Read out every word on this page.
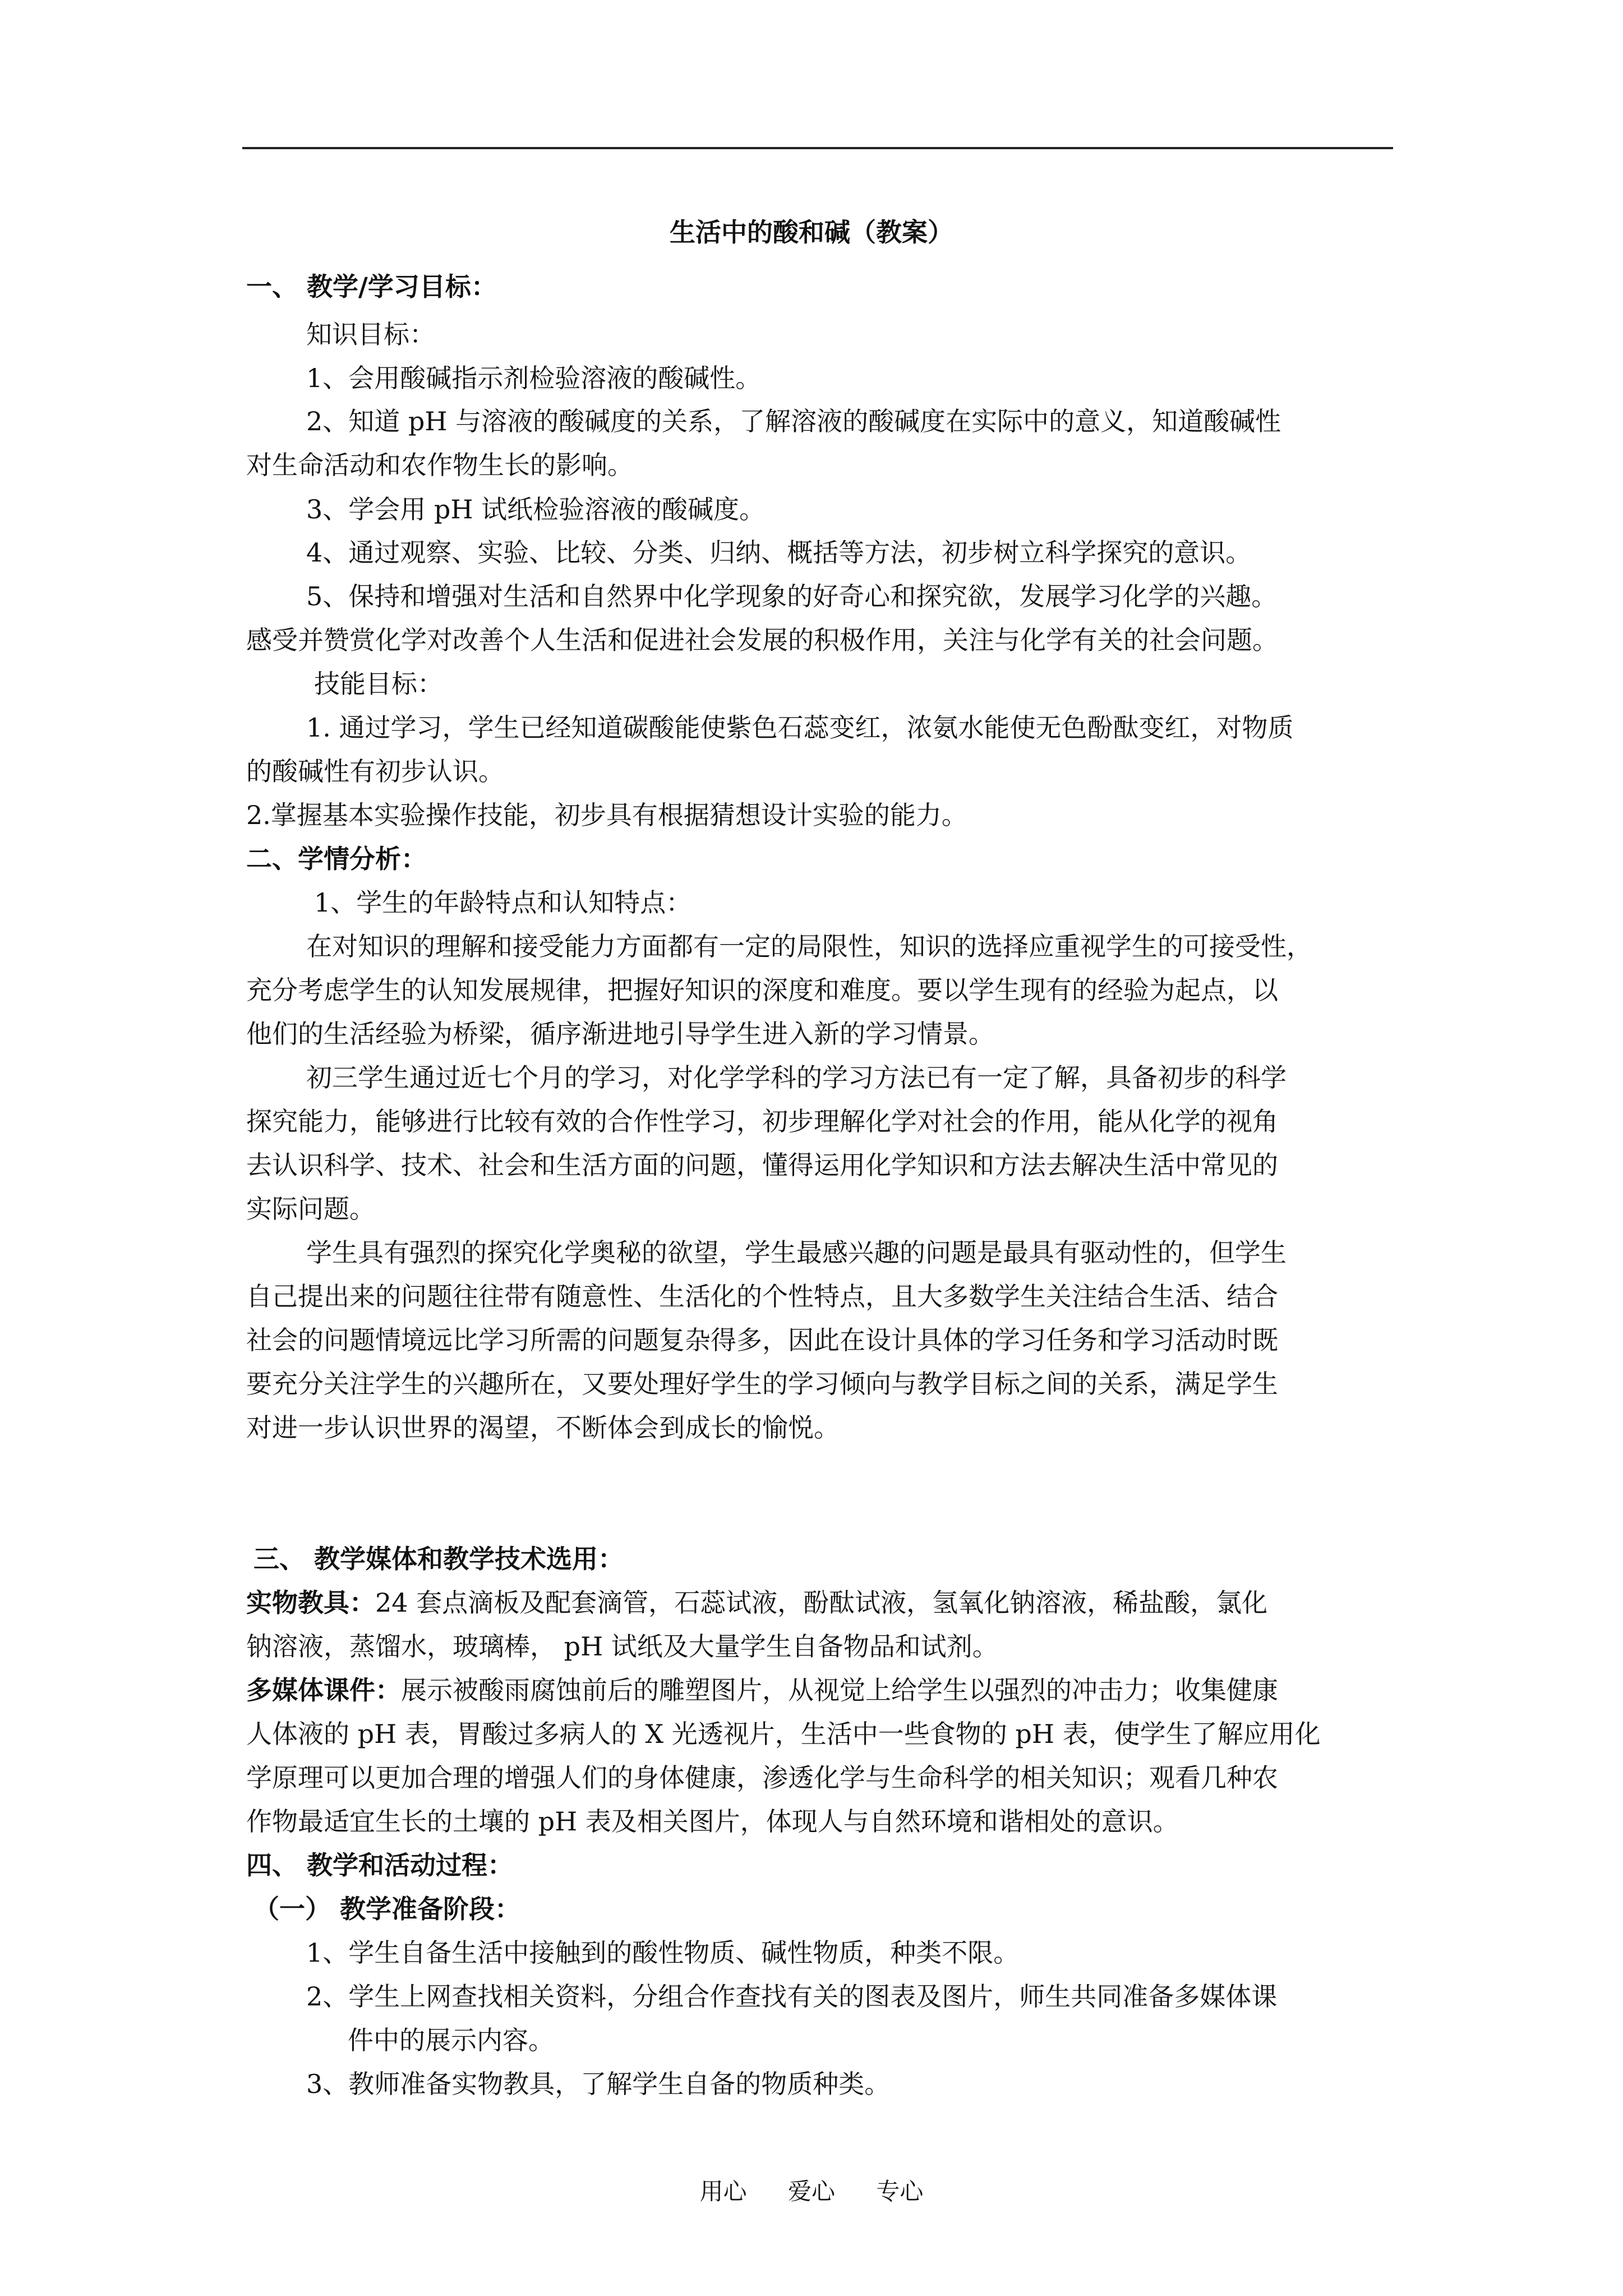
生活中的酸和碱（教案）
一、 教学/学习目标：
知识目标：
1、会用酸碱指示剂检验溶液的酸碱性。
2、知道 pH 与溶液的酸碱度的关系，了解溶液的酸碱度在实际中的意义，知道酸碱性
对生命活动和农作物生长的影响。
3、学会用 pH 试纸检验溶液的酸碱度。
4、通过观察、实验、比较、分类、归纳、概括等方法，初步树立科学探究的意识。
5、保持和增强对生活和自然界中化学现象的好奇心和探究欲，发展学习化学的兴趣。
感受并赞赏化学对改善个人生活和促进社会发展的积极作用，关注与化学有关的社会问题。
技能目标：
1. 通过学习，学生已经知道碳酸能使紫色石蕊变红，浓氨水能使无色酚酞变红，对物质
的酸碱性有初步认识。
2.掌握基本实验操作技能，初步具有根据猜想设计实验的能力。
二、学情分析：
1、学生的年龄特点和认知特点：
在对知识的理解和接受能力方面都有一定的局限性，知识的选择应重视学生的可接受性，
充分考虑学生的认知发展规律，把握好知识的深度和难度。要以学生现有的经验为起点，以
他们的生活经验为桥梁，循序渐进地引导学生进入新的学习情景。
初三学生通过近七个月的学习，对化学学科的学习方法已有一定了解，具备初步的科学
探究能力，能够进行比较有效的合作性学习，初步理解化学对社会的作用，能从化学的视角
去认识科学、技术、社会和生活方面的问题，懂得运用化学知识和方法去解决生活中常见的
实际问题。
学生具有强烈的探究化学奥秘的欲望，学生最感兴趣的问题是最具有驱动性的，但学生
自己提出来的问题往往带有随意性、生活化的个性特点，且大多数学生关注结合生活、结合
社会的问题情境远比学习所需的问题复杂得多，因此在设计具体的学习任务和学习活动时既
要充分关注学生的兴趣所在，又要处理好学生的学习倾向与教学目标之间的关系，满足学生
对进一步认识世界的渴望，不断体会到成长的愉悦。
三、 教学媒体和教学技术选用：
实物教具：24 套点滴板及配套滴管，石蕊试液，酚酞试液，氢氧化钠溶液，稀盐酸，氯化
钠溶液，蒸馏水，玻璃棒， pH 试纸及大量学生自备物品和试剂。
多媒体课件：展示被酸雨腐蚀前后的雕塑图片，从视觉上给学生以强烈的冲击力；收集健康
人体液的 pH 表，胃酸过多病人的 X 光透视片，生活中一些食物的 pH 表，使学生了解应用化
学原理可以更加合理的增强人们的身体健康，渗透化学与生命科学的相关知识；观看几种农
作物最适宜生长的土壤的 pH 表及相关图片，体现人与自然环境和谐相处的意识。
四、 教学和活动过程：
（一） 教学准备阶段：
1、学生自备生活中接触到的酸性物质、碱性物质，种类不限。
2、学生上网查找相关资料，分组合作查找有关的图表及图片，师生共同准备多媒体课
件中的展示内容。
3、教师准备实物教具，了解学生自备的物质种类。
用心 爱心 专心
